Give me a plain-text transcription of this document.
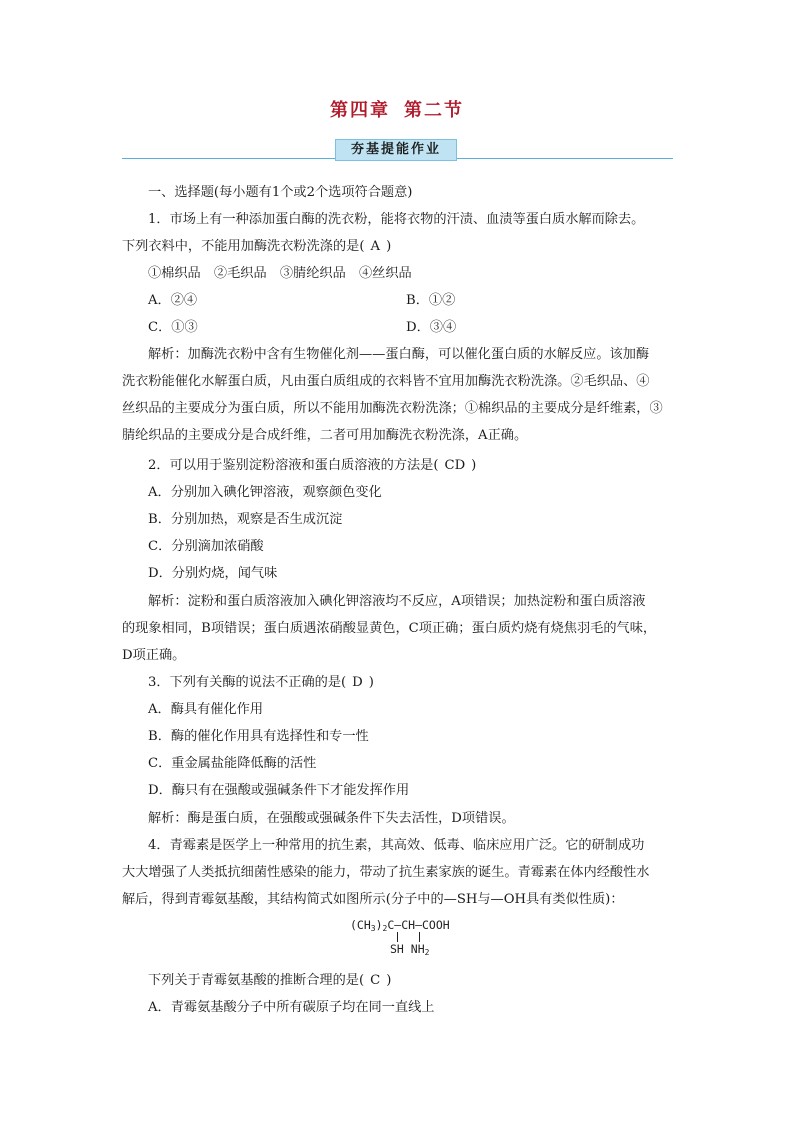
第四章 第二节
夯基提能作业
一、选择题(每小题有1个或2个选项符合题意)
1．市场上有一种添加蛋白酶的洗衣粉，能将衣物的汗渍、血渍等蛋白质水解而除去。
下列衣料中，不能用加酶洗衣粉洗涤的是( A )
①棉织品　②毛织品　③腈纶织品　④丝织品
A．②④	B．①②
C．①③	D．③④
解析：加酶洗衣粉中含有生物催化剂——蛋白酶，可以催化蛋白质的水解反应。该加酶
洗衣粉能催化水解蛋白质，凡由蛋白质组成的衣料皆不宜用加酶洗衣粉洗涤。②毛织品、④
丝织品的主要成分为蛋白质，所以不能用加酶洗衣粉洗涤；①棉织品的主要成分是纤维素，③
腈纶织品的主要成分是合成纤维，二者可用加酶洗衣粉洗涤，A正确。
2．可以用于鉴别淀粉溶液和蛋白质溶液的方法是( CD )
A．分别加入碘化钾溶液，观察颜色变化
B．分别加热，观察是否生成沉淀
C．分别滴加浓硝酸
D．分别灼烧，闻气味
解析：淀粉和蛋白质溶液加入碘化钾溶液均不反应，A项错误；加热淀粉和蛋白质溶液
的现象相同，B项错误；蛋白质遇浓硝酸显黄色，C项正确；蛋白质灼烧有烧焦羽毛的气味，
D项正确。
3．下列有关酶的说法不正确的是( D )
A．酶具有催化作用
B．酶的催化作用具有选择性和专一性
C．重金属盐能降低酶的活性
D．酶只有在强酸或强碱条件下才能发挥作用
解析：酶是蛋白质，在强酸或强碱条件下失去活性，D项错误。
4．青霉素是医学上一种常用的抗生素，其高效、低毒、临床应用广泛。它的研制成功
大大增强了人类抵抗细菌性感染的能力，带动了抗生素家族的诞生。青霉素在体内经酸性水
解后，得到青霉氨基酸，其结构简式如图所示(分子中的—SH与—OH具有类似性质)：
$(CH_3)_2C—CH—COOH$
SH $NH_2$
下列关于青霉氨基酸的推断合理的是( C )
A．青霉氨基酸分子中所有碳原子均在同一直线上
